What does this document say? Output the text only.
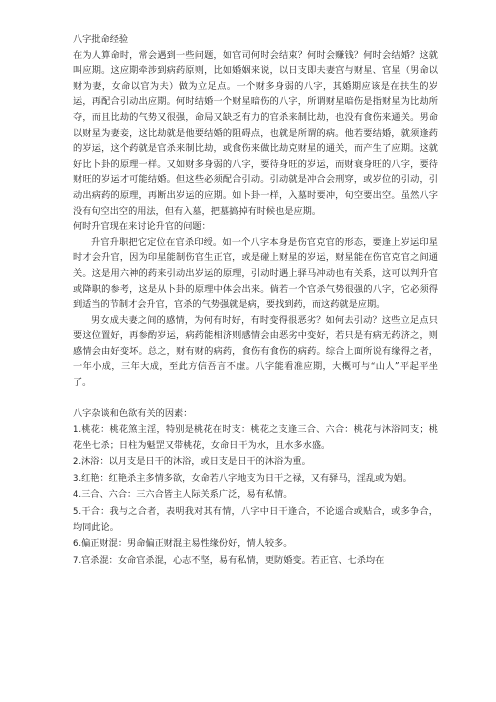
八字批命经验

在为人算命时，常会遇到一些问题，如官司何时会结束？何时会赚钱？何时会结婚？这就叫应期。这应期牵涉到病药原则，比如婚姻来说，以日支即夫妻宫与财星、官星（男命以财为妻，女命以官为夫）做为立足点。一个财多身弱的八字，其婚期应该是在扶生的岁运，再配合引动出应期。何时结婚一个财星暗伤的八字，所谓财星暗伤是指财星为比劫所夺，而且比劫的气势又很强，命局又缺乏有力的官杀来制比劫，也没有食伤来通关。男命以财星为妻妾，这比劫就是他要结婚的阻碍点，也就是所谓的病。他若要结婚，就须逢药的岁运，这个药就是官杀来制比劫，或食伤来做比劫克财星的通关，而产生了应期。这就好比卜卦的原理一样。又如财多身弱的八字，要待身旺的岁运，而财衰身旺的八字，要待财旺的岁运才可能结婚。但这些必须配合引动。引动就是冲合会刑穿，或岁位的引动，引动出病药的原理，再断出岁运的应期。如卜卦一样，入墓时要冲，旬空要出空。虽然八字没有旬空出空的用法，但有入墓，把墓搞掉有时候也是应期。

何时升官现在来讨论升官的问题：

升官升职把它定位在官杀印绶。如一个八字本身是伤官克官的形态，要逢上岁运印星时才会升官，因为印星能制伤官生正官，或是碰上财星的岁运，财星能在伤官克官之间通关。这是用六神的药来引动出岁运的原理，引动时遇上驿马冲动也有关系，这可以判升官或降职的参考，这是从卜卦的原理中体会出来。倘若一个官杀气势很强的八字，它必须得到适当的节制才会升官，官杀的气势强就是病，要找到药，而这药就是应期。

男女成夫妻之间的感情，为何有时好，有时变得很恶劣？如何去引动？这些立足点只要这位置好，再参酌岁运，病药能相济则感情会由恶劣中变好，若只是有病无药济之，则感情会由好变坏。总之，财有财的病药，食伤有食伤的病药。综合上面所说有缘得之者，一年小成，三年大成，至此方信吾言不虚。八字能看准应期，大概可与“山人”平起平坐了。

八字杂谈和色欲有关的因素：

1.桃花：桃花煞主淫，特别是桃花在时支：桃花之支逢三合、六合：桃花与沐浴同支；桃花坐七杀；日柱为魁罡又带桃花，女命日干为水，且水多水盛。

2.沐浴：以月支是日干的沐浴，或日支是日干的沐浴为重。

3.红艳：红艳杀主多情多欲，女命若八字地支为日干之禄，又有驿马，淫乱或为娼。

4.三合、六合：三六合皆主人际关系广泛，易有私情。

5.干合：我与之合者，表明我对其有情，八字中日干逢合，不论遥合或贴合，或多争合，均同此论。

6.偏正财混：男命偏正财混主易性缘份好，情人较多。

7.官杀混：女命官杀混，心志不坚，易有私情，更防婚变。若正官、七杀均在
